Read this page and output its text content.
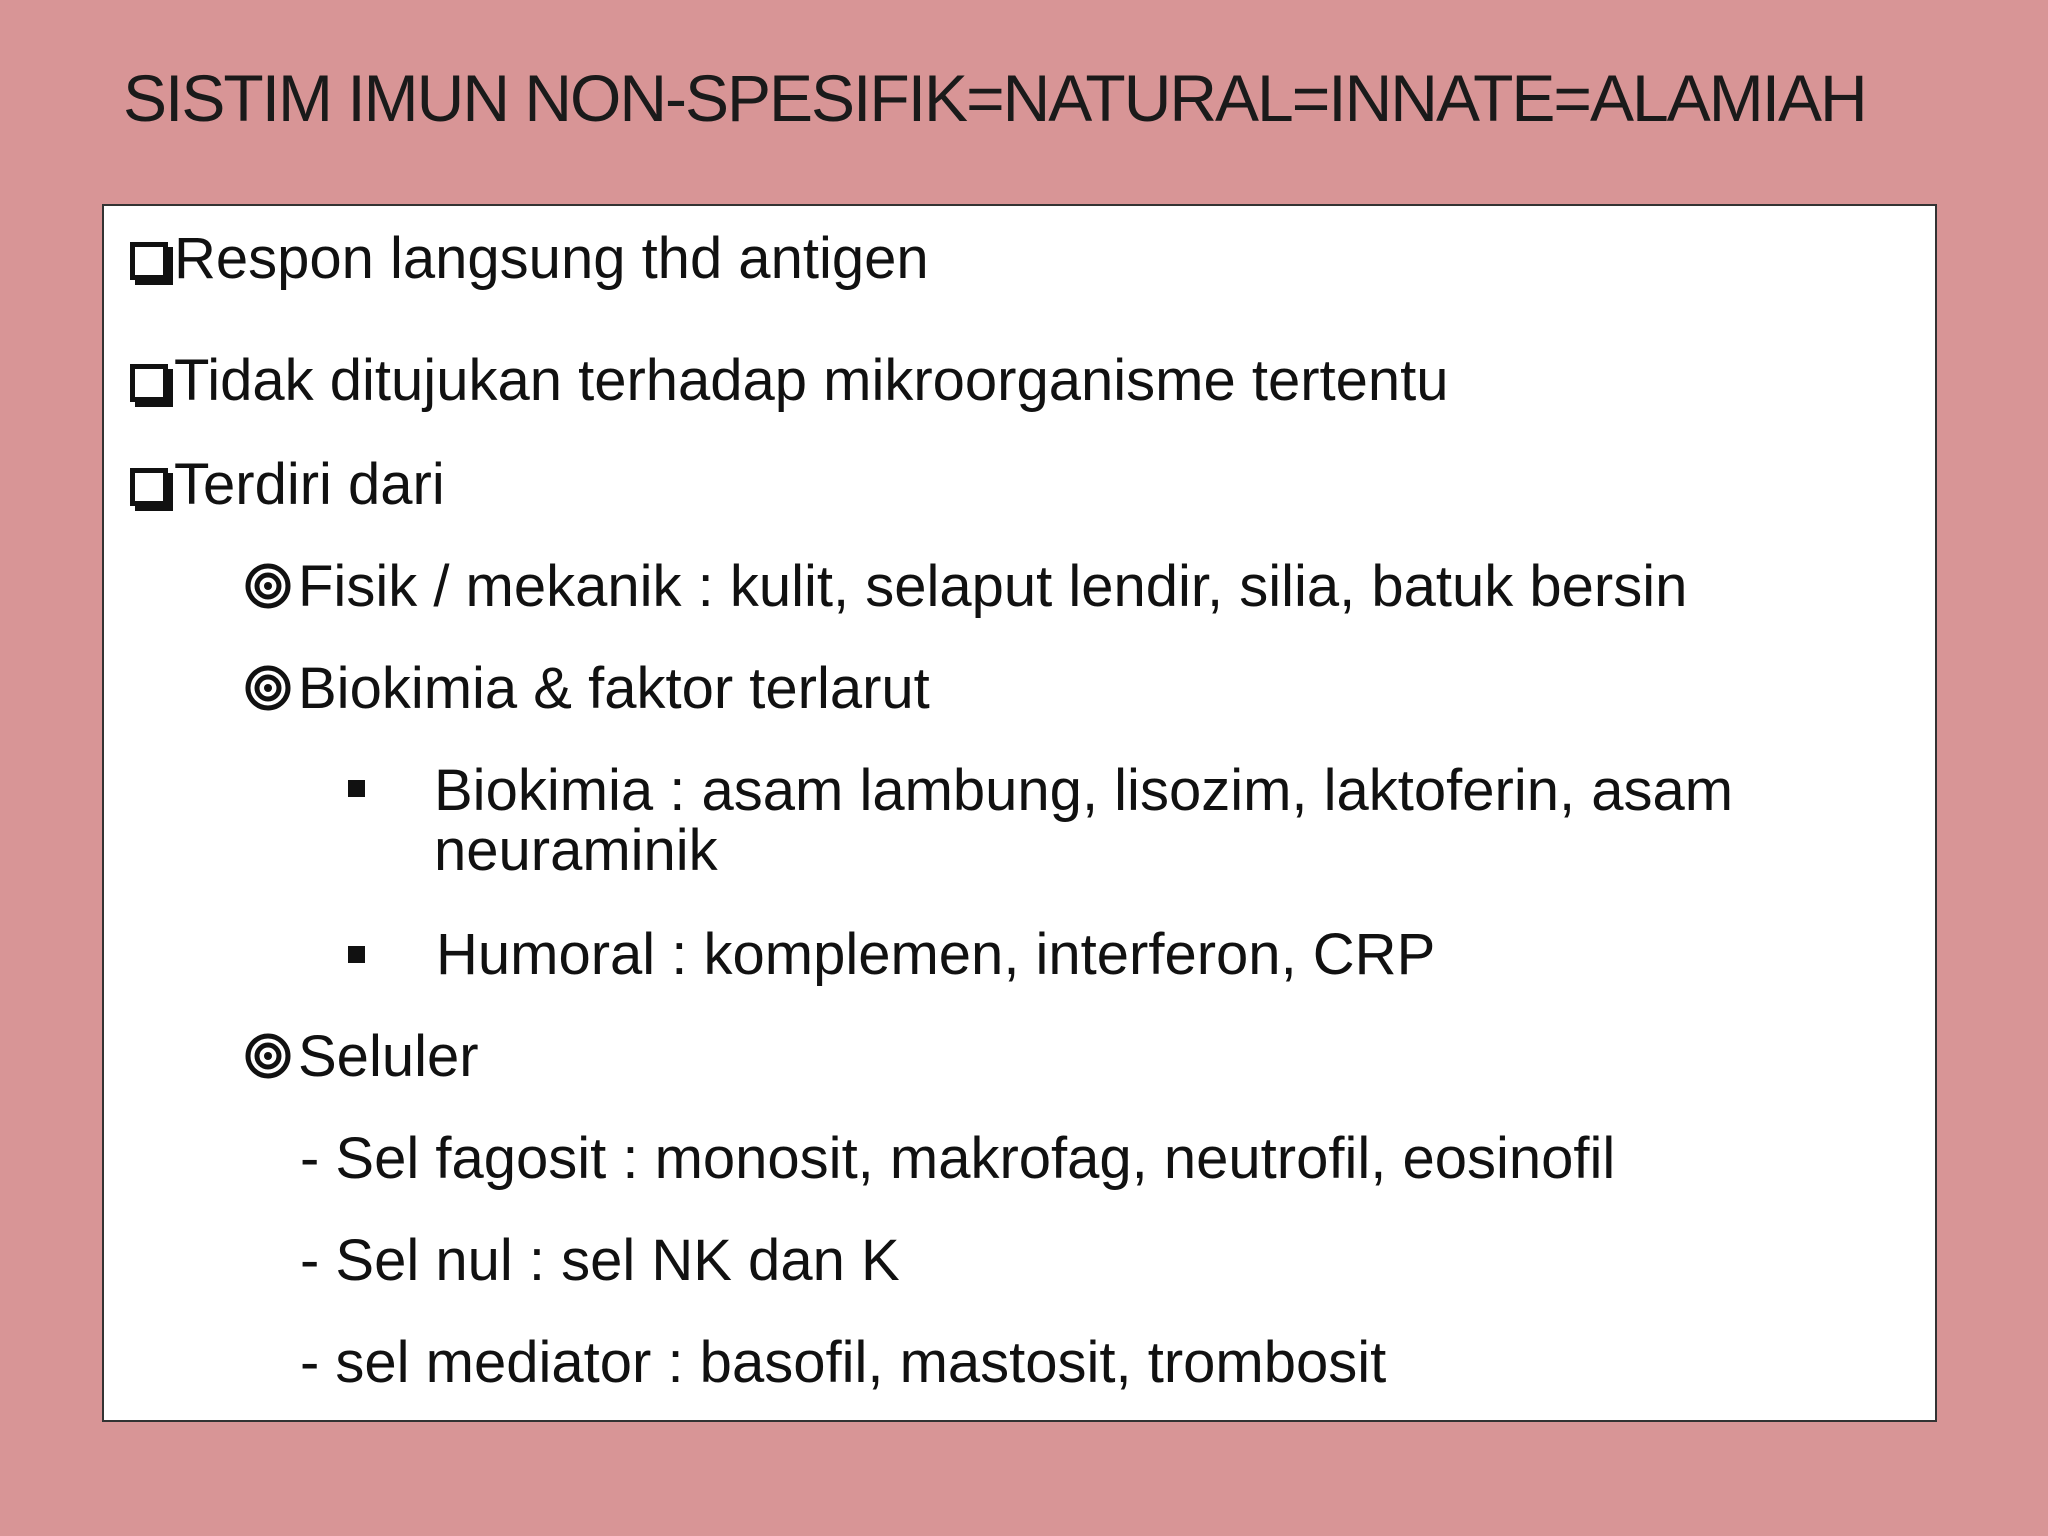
SISTIM IMUN NON-SPESIFIK=NATURAL=INNATE=ALAMIAH
Respon langsung thd antigen
Tidak ditujukan terhadap mikroorganisme tertentu
Terdiri dari
Fisik / mekanik : kulit, selaput lendir, silia, batuk bersin
Biokimia & faktor terlarut
Biokimia : asam lambung, lisozim, laktoferin, asam
neuraminik
Humoral : komplemen, interferon, CRP
Seluler
- Sel fagosit : monosit, makrofag, neutrofil, eosinofil
- Sel nul : sel NK dan K
- sel mediator : basofil, mastosit, trombosit
